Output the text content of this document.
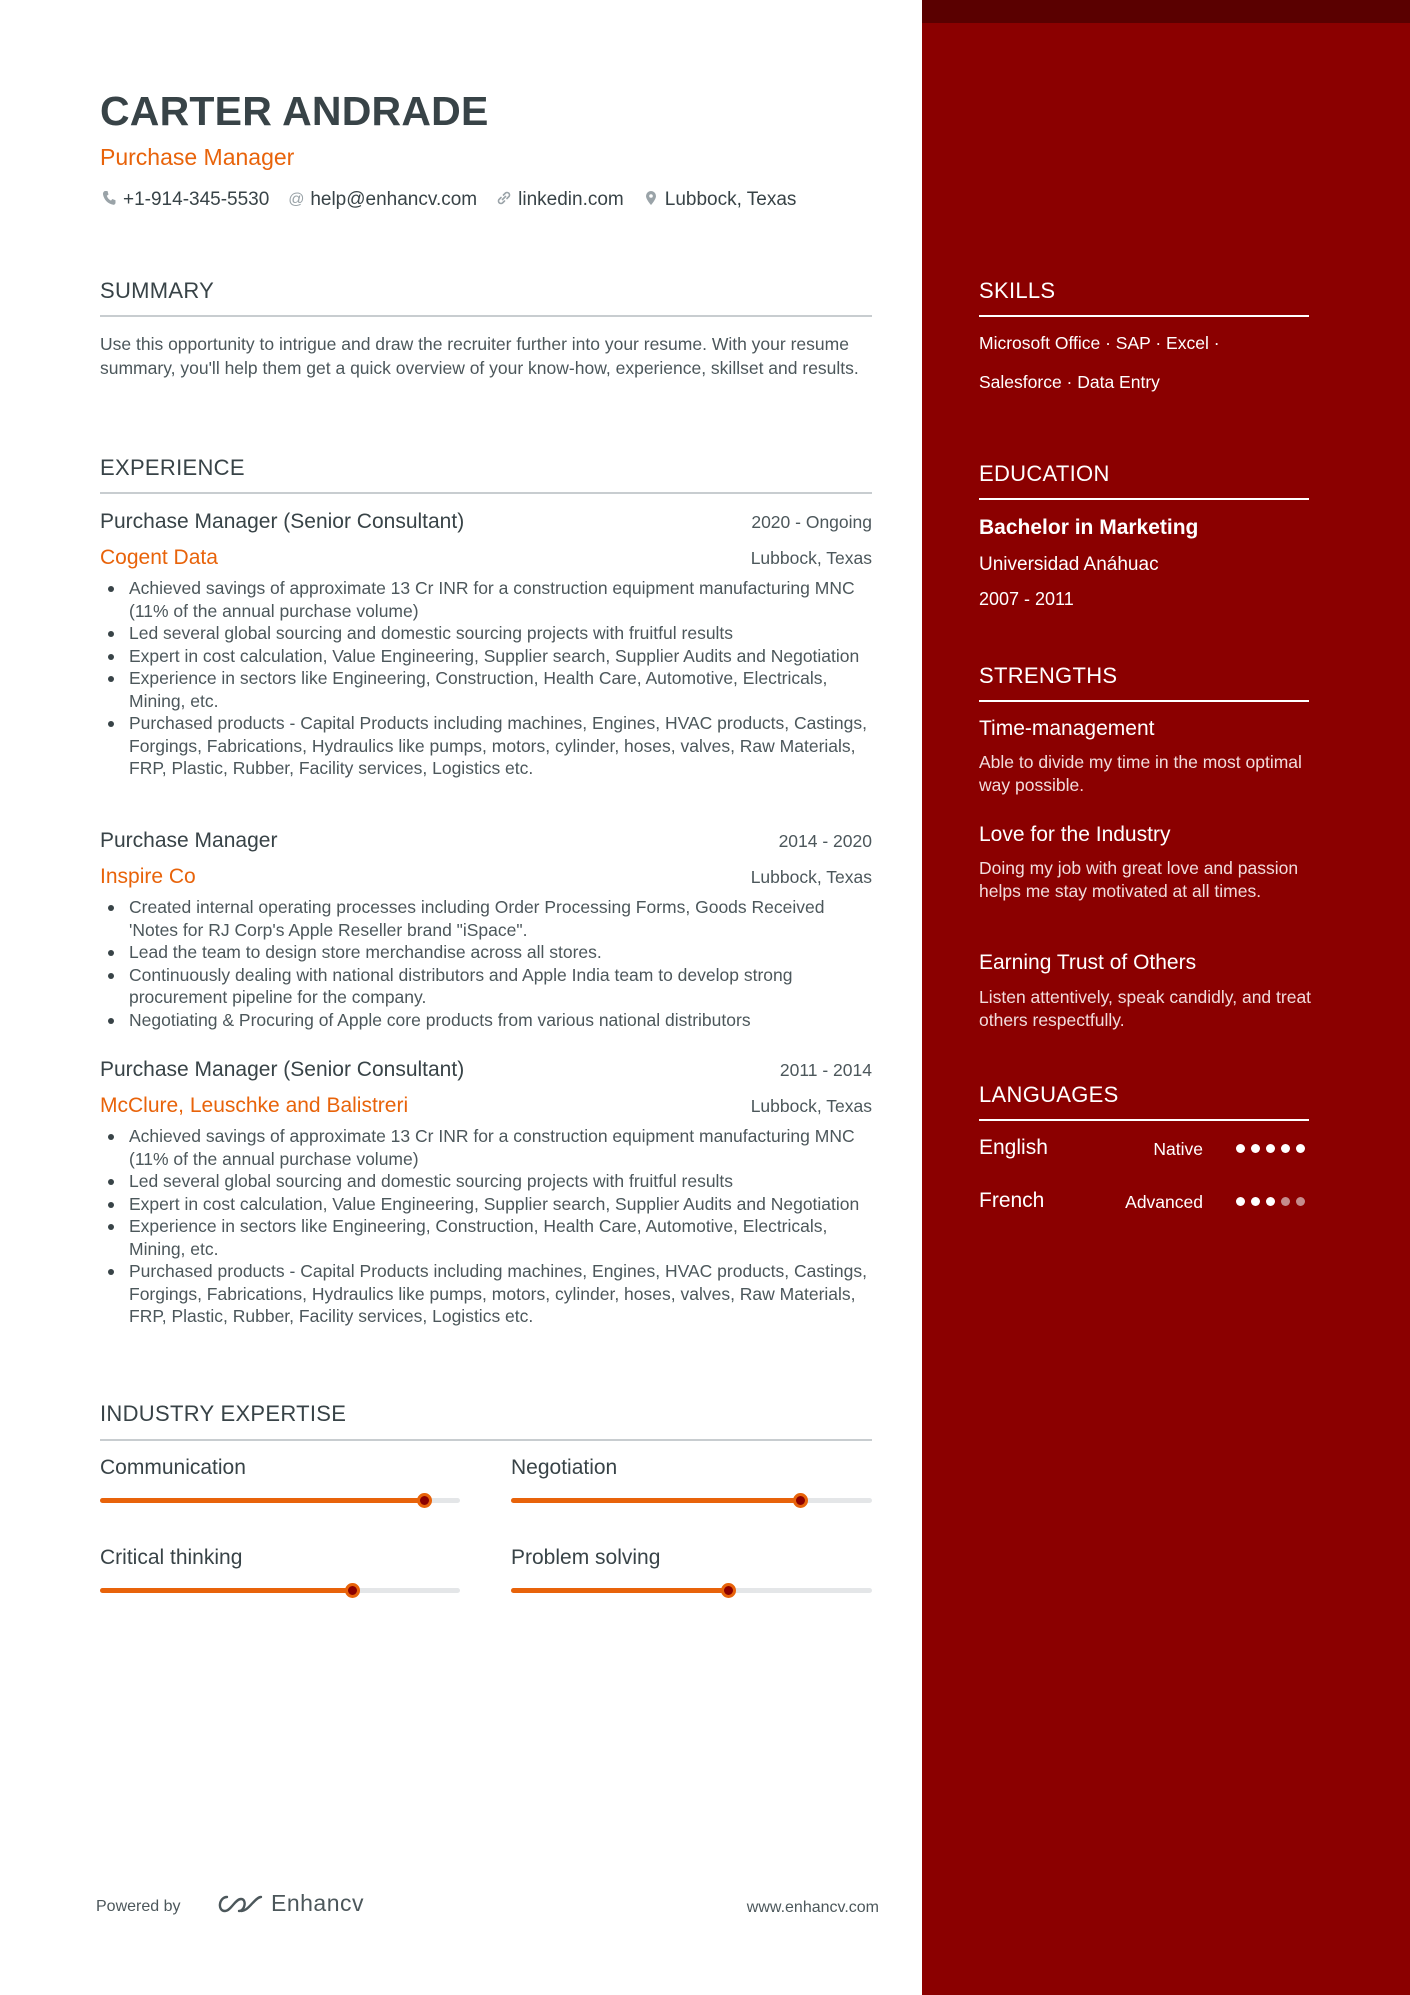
CARTER ANDRADE
Purchase Manager
+1-914-345-5530 @ help@enhancv.com linkedin.com Lubbock, Texas
SUMMARY
Use this opportunity to intrigue and draw the recruiter further into your resume. With your resume summary, you'll help them get a quick overview of your know-how, experience, skillset and results.
EXPERIENCE
Purchase Manager (Senior Consultant)	2020 - Ongoing
Cogent Data	Lubbock, Texas
Achieved savings of approximate 13 Cr INR for a construction equipment manufacturing MNC (11% of the annual purchase volume)
Led several global sourcing and domestic sourcing projects with fruitful results
Expert in cost calculation, Value Engineering, Supplier search, Supplier Audits and Negotiation
Experience in sectors like Engineering, Construction, Health Care, Automotive, Electricals, Mining, etc.
Purchased products - Capital Products including machines, Engines, HVAC products, Castings, Forgings, Fabrications, Hydraulics like pumps, motors, cylinder, hoses, valves, Raw Materials, FRP, Plastic, Rubber, Facility services, Logistics etc.
Purchase Manager	2014 - 2020
Inspire Co	Lubbock, Texas
Created internal operating processes including Order Processing Forms, Goods Received 'Notes for RJ Corp's Apple Reseller brand "iSpace".
Lead the team to design store merchandise across all stores.
Continuously dealing with national distributors and Apple India team to develop strong procurement pipeline for the company.
Negotiating & Procuring of Apple core products from various national distributors
Purchase Manager (Senior Consultant)	2011 - 2014
McClure, Leuschke and Balistreri	Lubbock, Texas
Achieved savings of approximate 13 Cr INR for a construction equipment manufacturing MNC (11% of the annual purchase volume)
Led several global sourcing and domestic sourcing projects with fruitful results
Expert in cost calculation, Value Engineering, Supplier search, Supplier Audits and Negotiation
Experience in sectors like Engineering, Construction, Health Care, Automotive, Electricals, Mining, etc.
Purchased products - Capital Products including machines, Engines, HVAC products, Castings, Forgings, Fabrications, Hydraulics like pumps, motors, cylinder, hoses, valves, Raw Materials, FRP, Plastic, Rubber, Facility services, Logistics etc.
INDUSTRY EXPERTISE
Communication	Negotiation
Critical thinking	Problem solving
Powered by	Enhancv	www.enhancv.com
SKILLS
Microsoft Office · SAP · Excel ·
Salesforce · Data Entry
EDUCATION
Bachelor in Marketing
Universidad Anáhuac
2007 - 2011
STRENGTHS
Time-management
Able to divide my time in the most optimal way possible.
Love for the Industry
Doing my job with great love and passion helps me stay motivated at all times.
Earning Trust of Others
Listen attentively, speak candidly, and treat others respectfully.
LANGUAGES
English	Native
French	Advanced
